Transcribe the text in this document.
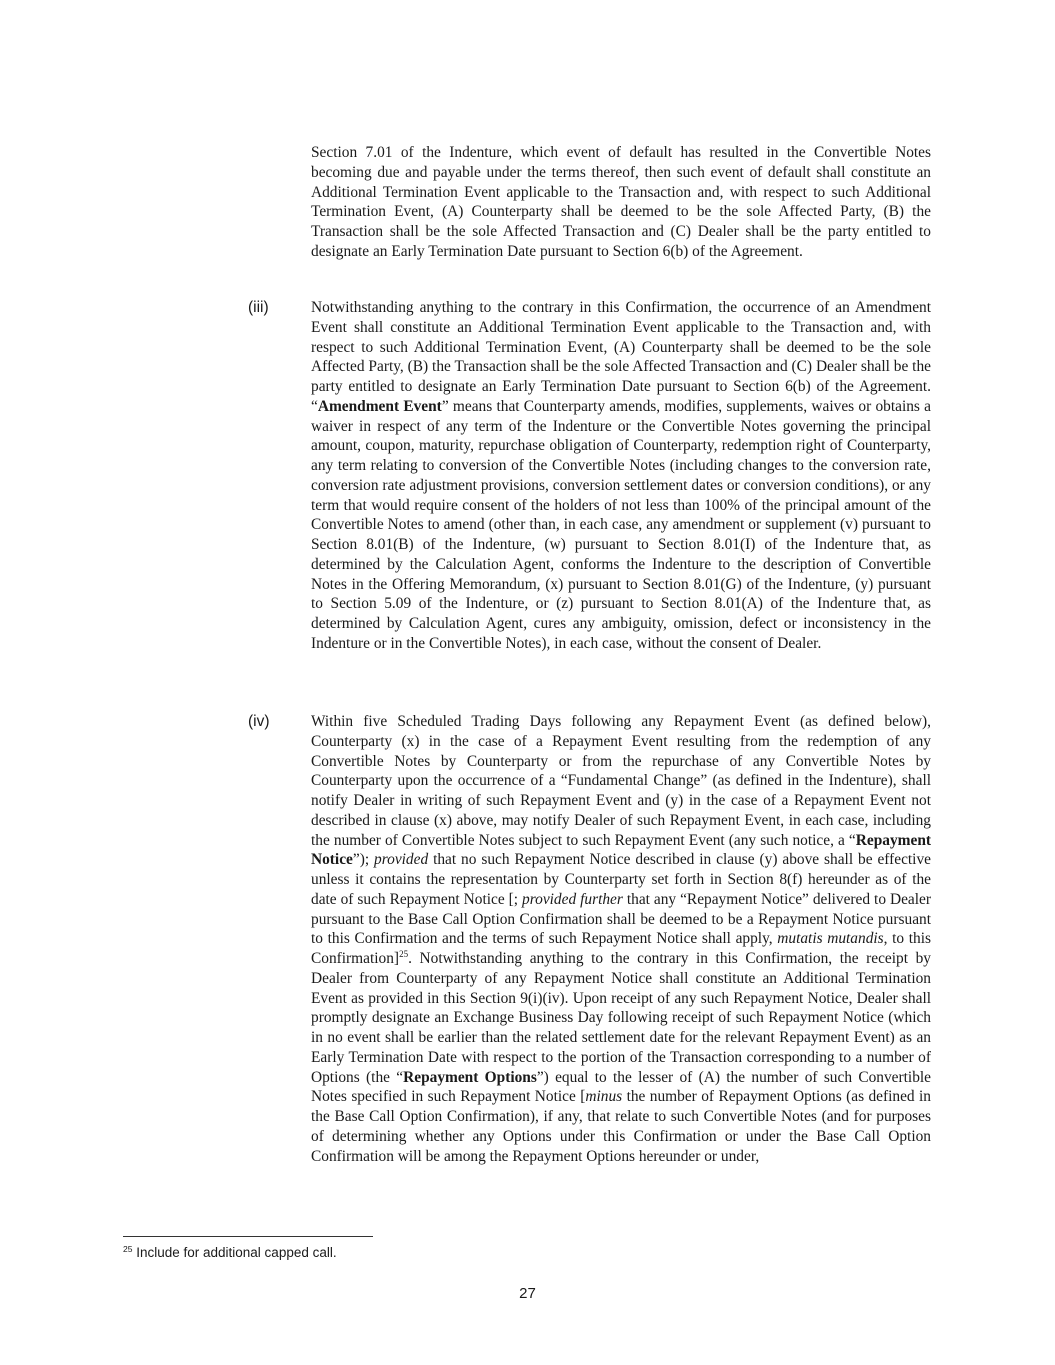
Section 7.01 of the Indenture, which event of default has resulted in the Convertible Notes becoming due and payable under the terms thereof, then such event of default shall constitute an Additional Termination Event applicable to the Transaction and, with respect to such Additional Termination Event, (A) Counterparty shall be deemed to be the sole Affected Party, (B) the Transaction shall be the sole Affected Transaction and (C) Dealer shall be the party entitled to designate an Early Termination Date pursuant to Section 6(b) of the Agreement.

(iii)	Notwithstanding anything to the contrary in this Confirmation, the occurrence of an Amendment Event shall constitute an Additional Termination Event applicable to the Transaction and, with respect to such Additional Termination Event, (A) Counterparty shall be deemed to be the sole Affected Party, (B) the Transaction shall be the sole Affected Transaction and (C) Dealer shall be the party entitled to designate an Early Termination Date pursuant to Section 6(b) of the Agreement. “Amendment Event” means that Counterparty amends, modifies, supplements, waives or obtains a waiver in respect of any term of the Indenture or the Convertible Notes governing the principal amount, coupon, maturity, repurchase obligation of Counterparty, redemption right of Counterparty, any term relating to conversion of the Convertible Notes (including changes to the conversion rate, conversion rate adjustment provisions, conversion settlement dates or conversion conditions), or any term that would require consent of the holders of not less than 100% of the principal amount of the Convertible Notes to amend (other than, in each case, any amendment or supplement (v) pursuant to Section 8.01(B) of the Indenture, (w) pursuant to Section 8.01(I) of the Indenture that, as determined by the Calculation Agent, conforms the Indenture to the description of Convertible Notes in the Offering Memorandum, (x) pursuant to Section 8.01(G) of the Indenture, (y) pursuant to Section 5.09 of the Indenture, or (z) pursuant to Section 8.01(A) of the Indenture that, as determined by Calculation Agent, cures any ambiguity, omission, defect or inconsistency in the Indenture or in the Convertible Notes), in each case, without the consent of Dealer.

(iv)	Within five Scheduled Trading Days following any Repayment Event (as defined below), Counterparty (x) in the case of a Repayment Event resulting from the redemption of any Convertible Notes by Counterparty or from the repurchase of any Convertible Notes by Counterparty upon the occurrence of a “Fundamental Change” (as defined in the Indenture), shall notify Dealer in writing of such Repayment Event and (y) in the case of a Repayment Event not described in clause (x) above, may notify Dealer of such Repayment Event, in each case, including the number of Convertible Notes subject to such Repayment Event (any such notice, a “Repayment Notice”); provided that no such Repayment Notice described in clause (y) above shall be effective unless it contains the representation by Counterparty set forth in Section 8(f) hereunder as of the date of such Repayment Notice [; provided further that any “Repayment Notice” delivered to Dealer pursuant to the Base Call Option Confirmation shall be deemed to be a Repayment Notice pursuant to this Confirmation and the terms of such Repayment Notice shall apply, mutatis mutandis, to this Confirmation]$^{25}$. Notwithstanding anything to the contrary in this Confirmation, the receipt by Dealer from Counterparty of any Repayment Notice shall constitute an Additional Termination Event as provided in this Section 9(i)(iv). Upon receipt of any such Repayment Notice, Dealer shall promptly designate an Exchange Business Day following receipt of such Repayment Notice (which in no event shall be earlier than the related settlement date for the relevant Repayment Event) as an Early Termination Date with respect to the portion of the Transaction corresponding to a number of Options (the “Repayment Options”) equal to the lesser of (A) the number of such Convertible Notes specified in such Repayment Notice [minus the number of Repayment Options (as defined in the Base Call Option Confirmation), if any, that relate to such Convertible Notes (and for purposes of determining whether any Options under this Confirmation or under the Base Call Option Confirmation will be among the Repayment Options hereunder or under,

$^{25}$ Include for additional capped call.
27
